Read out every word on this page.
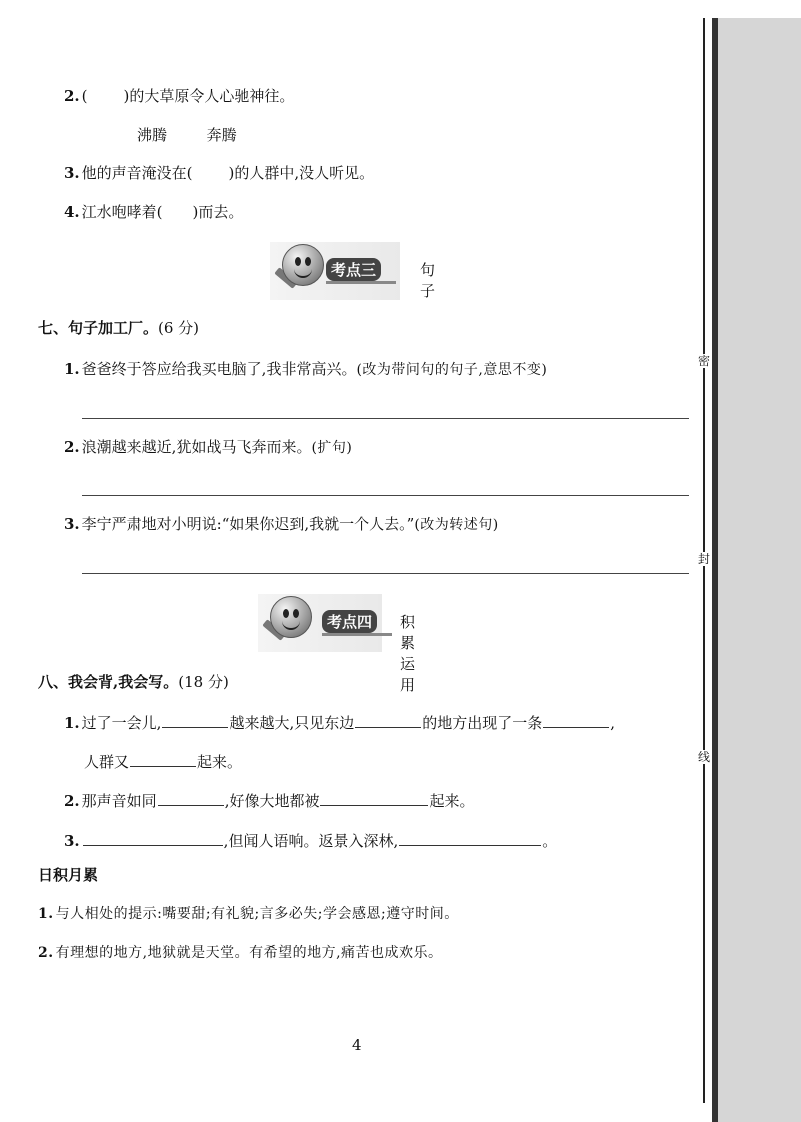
密
封
线
2. ( )的大草原令人心驰神往。
沸腾	奔腾
3. 他的声音淹没在( )的人群中,没人听见。
4. 江水咆哮着( )而去。
考点三	句子
七、句子加工厂。(6 分)
1. 爸爸终于答应给我买电脑了,我非常高兴。(改为带问句的句子,意思不变)
2. 浪潮越来越近,犹如战马飞奔而来。(扩句)
3. 李宁严肃地对小明说:“如果你迟到,我就一个人去。”(改为转述句)
考点四	积累运用
八、我会背,我会写。(18 分)
1. 过了一会儿,	越来越大,只见东边	的地方出现了一条	,
人群又	起来。
2. 那声音如同	,好像大地都被	起来。
3.	,但闻人语响。返景入深林,	。
日积月累
1. 与人相处的提示:嘴要甜;有礼貌;言多必失;学会感恩;遵守时间。
2. 有理想的地方,地狱就是天堂。有希望的地方,痛苦也成欢乐。
4
